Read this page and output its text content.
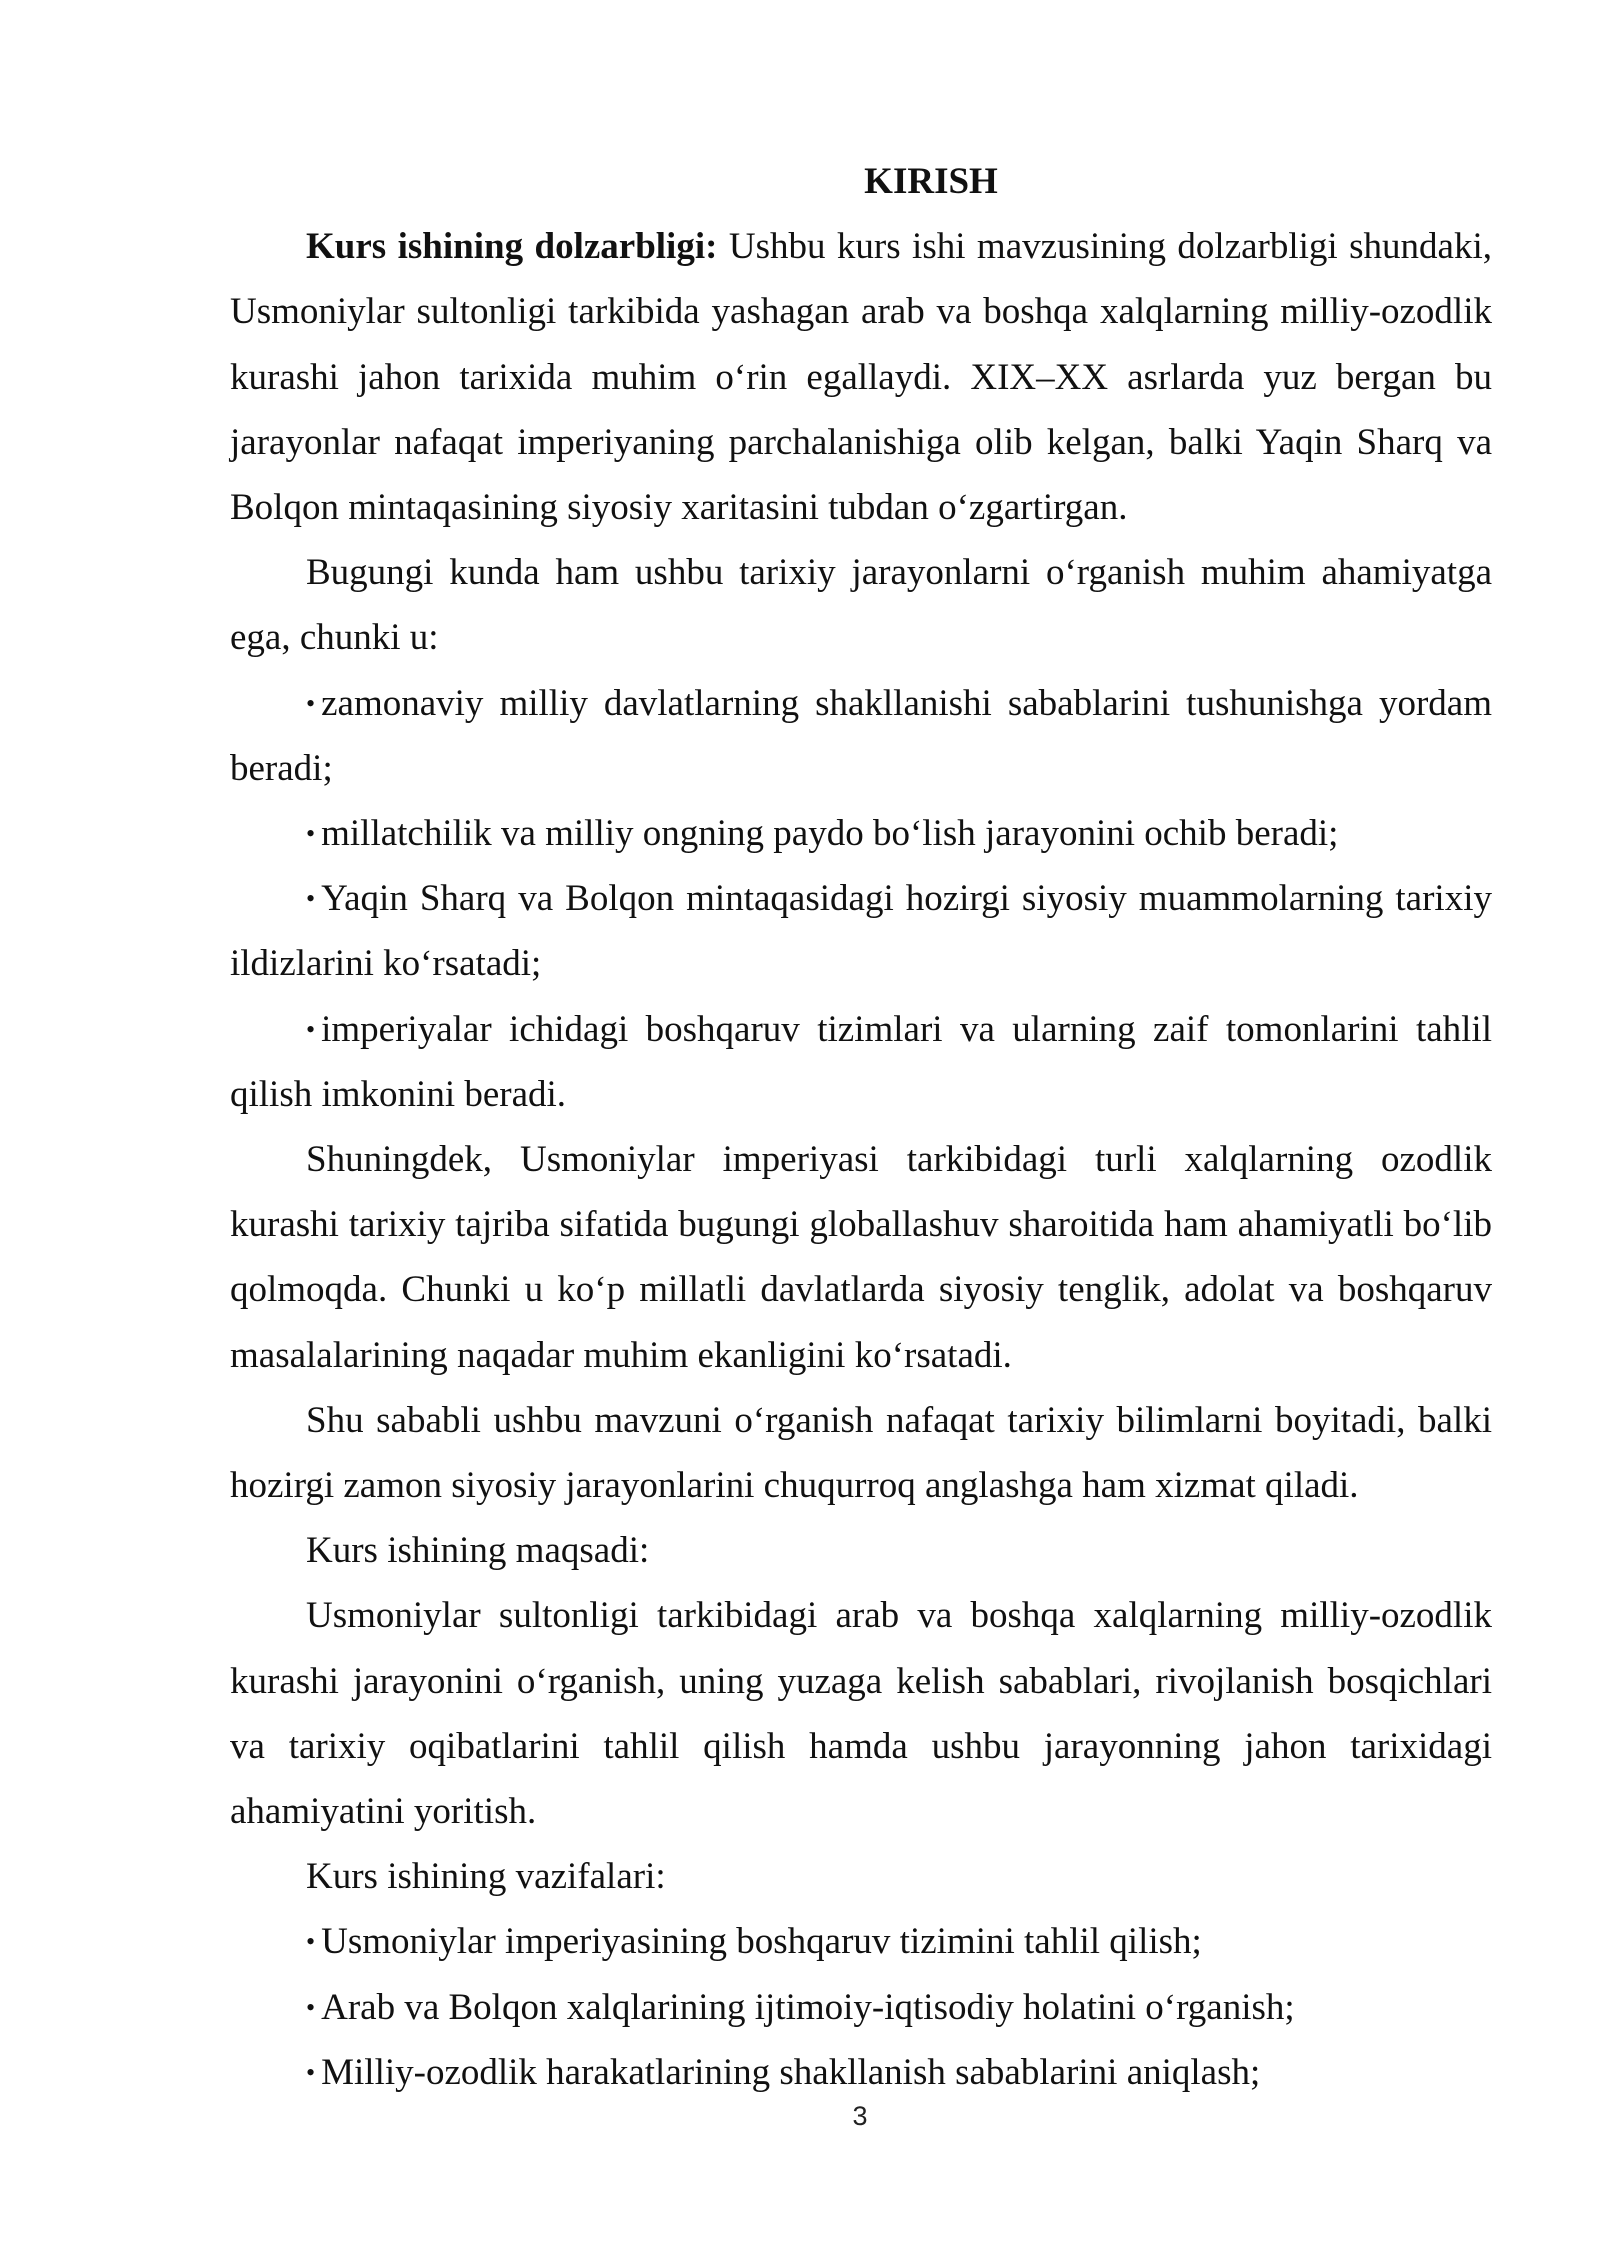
KIRISH

Kurs ishining dolzarbligi: Ushbu kurs ishi mavzusining dolzarbligi shundaki, Usmoniylar sultonligi tarkibida yashagan arab va boshqa xalqlarning milliy-ozodlik kurashi jahon tarixida muhim o‘rin egallaydi. XIX–XX asrlarda yuz bergan bu jarayonlar nafaqat imperiyaning parchalanishiga olib kelgan, balki Yaqin Sharq va Bolqon mintaqasining siyosiy xaritasini tubdan o‘zgartirgan.

Bugungi kunda ham ushbu tarixiy jarayonlarni o‘rganish muhim ahamiyatga ega, chunki u:

• zamonaviy milliy davlatlarning shakllanishi sabablarini tushunishga yordam beradi;

• millatchilik va milliy ongning paydo bo‘lish jarayonini ochib beradi;

• Yaqin Sharq va Bolqon mintaqasidagi hozirgi siyosiy muammolarning tarixiy ildizlarini ko‘rsatadi;

• imperiyalar ichidagi boshqaruv tizimlari va ularning zaif tomonlarini tahlil qilish imkonini beradi.

Shuningdek, Usmoniylar imperiyasi tarkibidagi turli xalqlarning ozodlik kurashi tarixiy tajriba sifatida bugungi globallashuv sharoitida ham ahamiyatli bo‘lib qolmoqda. Chunki u ko‘p millatli davlatlarda siyosiy tenglik, adolat va boshqaruv masalalarining naqadar muhim ekanligini ko‘rsatadi.

Shu sababli ushbu mavzuni o‘rganish nafaqat tarixiy bilimlarni boyitadi, balki hozirgi zamon siyosiy jarayonlarini chuqurroq anglashga ham xizmat qiladi.

Kurs ishining maqsadi:

Usmoniylar sultonligi tarkibidagi arab va boshqa xalqlarning milliy-ozodlik kurashi jarayonini o‘rganish, uning yuzaga kelish sabablari, rivojlanish bosqichlari va tarixiy oqibatlarini tahlil qilish hamda ushbu jarayonning jahon tarixidagi ahamiyatini yoritish.

Kurs ishining vazifalari:

• Usmoniylar imperiyasining boshqaruv tizimini tahlil qilish;

• Arab va Bolqon xalqlarining ijtimoiy-iqtisodiy holatini o‘rganish;

• Milliy-ozodlik harakatlarining shakllanish sabablarini aniqlash;

3
